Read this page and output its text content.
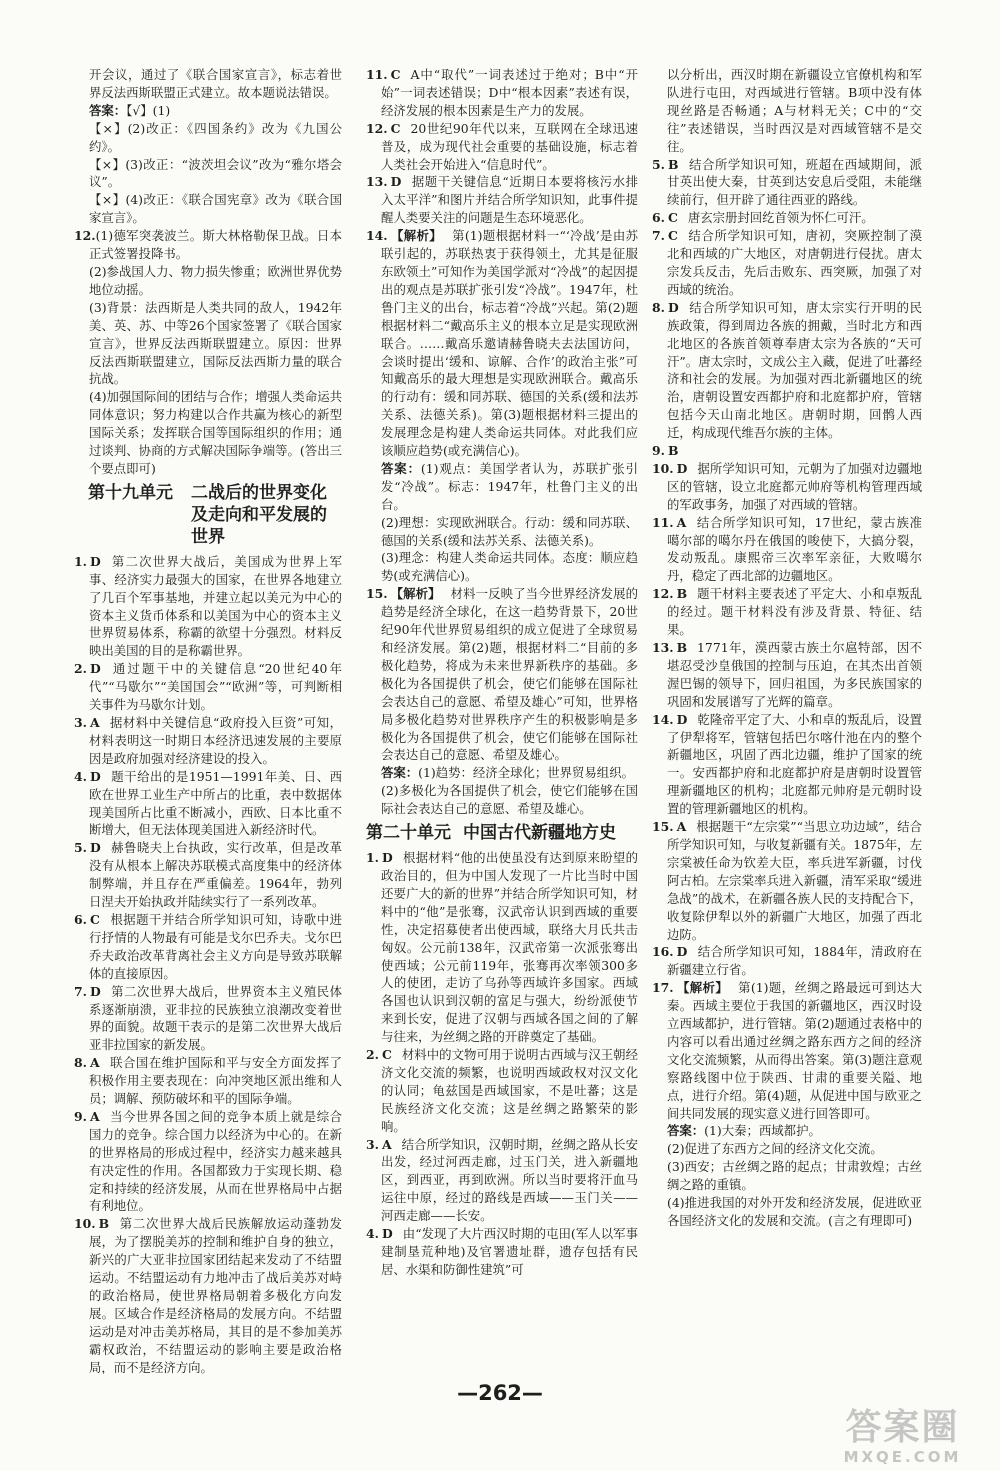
开会议，通过了《联合国家宣言》，标志着世界反法西斯联盟正式建立。故本题说法错误。

答案：【√】(1)

【×】(2)改正：《四国条约》改为《九国公约》。

【×】(3)改正：“波茨坦会议”改为“雅尔塔会议”。

【×】(4)改正：《联合国宪章》改为《联合国家宣言》。

12.(1)德军突袭波兰。斯大林格勒保卫战。日本正式签署投降书。

(2)参战国人力、物力损失惨重；欧洲世界优势地位动摇。

(3)背景：法西斯是人类共同的敌人，1942年美、英、苏、中等26个国家签署了《联合国家宣言》，世界反法西斯联盟建立。原因：世界反法西斯联盟建立，国际反法西斯力量的联合抗战。

(4)加强国际间的团结与合作；增强人类命运共同体意识；努力构建以合作共赢为核心的新型国际关系；发挥联合国等国际组织的作用；通过谈判、协商的方式解决国际争端等。(答出三个要点即可)

第十九单元 二战后的世界变化及走向和平发展的世界

1. D 第二次世界大战后，美国成为世界上军事、经济实力最强大的国家，在世界各地建立了几百个军事基地，并建立起以美元为中心的资本主义货币体系和以美国为中心的资本主义世界贸易体系，称霸的欲望十分强烈。材料反映出美国的目的是称霸世界。

2. D 通过题干中的关键信息“20世纪40年代”“马歇尔”“美国国会”“欧洲”等，可判断相关事件为马歇尔计划。

3. A 据材料中关键信息“政府投入巨资”可知，材料表明这一时期日本经济迅速发展的主要原因是政府加强对经济建设的投入。

4. D 题干给出的是1951—1991年美、日、西欧在世界工业生产中所占的比重，表中数据体现美国所占比重不断减小，西欧、日本比重不断增大，但无法体现美国进入新经济时代。

5. D 赫鲁晓夫上台执政，实行改革，但是改革没有从根本上解决苏联模式高度集中的经济体制弊端，并且存在严重偏差。1964年，勃列日涅夫开始执政并陆续实行了一系列改革。

6. C 根据题干并结合所学知识可知，诗歌中进行抒情的人物最有可能是戈尔巴乔夫。戈尔巴乔夫政治改革背离社会主义方向是导致苏联解体的直接原因。

7. D 第二次世界大战后，世界资本主义殖民体系逐渐崩溃，亚非拉的民族独立浪潮改变着世界的面貌。故题干表示的是第二次世界大战后亚非拉国家的新发展。

8. A 联合国在维护国际和平与安全方面发挥了积极作用主要表现在：向冲突地区派出维和人员；调解、预防破坏和平的国际争端。

9. A 当今世界各国之间的竞争本质上就是综合国力的竞争。综合国力以经济为中心的。在新的世界格局的形成过程中，经济实力越来越具有决定性的作用。各国都致力于实现长期、稳定和持续的经济发展，从而在世界格局中占据有利地位。

10. B 第二次世界大战后民族解放运动蓬勃发展，为了摆脱美苏的控制和维护自身的独立，新兴的广大亚非拉国家团结起来发动了不结盟运动。不结盟运动有力地冲击了战后美苏对峙的政治格局，使世界格局朝着多极化方向发展。区域合作是经济格局的发展方向。不结盟运动是对冲击美苏格局，其目的是不参加美苏霸权政治，不结盟运动的影响主要是政治格局，而不是经济方向。

11. C A中“取代”一词表述过于绝对；B中“开始”一词表述错误；D中“根本因素”表述有误，经济发展的根本因素是生产力的发展。

12. C 20世纪90年代以来，互联网在全球迅速普及，成为现代社会重要的基础设施，标志着人类社会开始进入“信息时代”。

13. D 据题干关键信息“近期日本要将核污水排入太平洋”和图片并结合所学知识知，此事件提醒人类要关注的问题是生态环境恶化。

14. 【解析】 第(1)题根据材料一“‘冷战’是由苏联引起的，苏联热衷于获得领土，尤其是征服东欧领土”可知作为美国学派对“冷战”的起因提出的观点是苏联扩张引发“冷战”。1947年，杜鲁门主义的出台，标志着“冷战”兴起。第(2)题根据材料二“戴高乐主义的根本立足是实现欧洲联合。……戴高乐邀请赫鲁晓夫去法国访问，会谈时提出‘缓和、谅解、合作’的政治主张”可知戴高乐的最大理想是实现欧洲联合。戴高乐的行动有：缓和同苏联、德国的关系(缓和法苏关系、法德关系)。第(3)题根据材料三提出的发展理念是构建人类命运共同体。对此我们应该顺应趋势(或充满信心)。

答案：(1)观点：美国学者认为，苏联扩张引发“冷战”。标志：1947年，杜鲁门主义的出台。

(2)理想：实现欧洲联合。行动：缓和同苏联、德国的关系(缓和法苏关系、法德关系)。

(3)理念：构建人类命运共同体。态度：顺应趋势(或充满信心)。

15. 【解析】 材料一反映了当今世界经济发展的趋势是经济全球化，在这一趋势背景下，20世纪90年代世界贸易组织的成立促进了全球贸易和经济发展。第(2)题，根据材料二“目前的多极化趋势，将成为未来世界新秩序的基础。多极化为各国提供了机会，使它们能够在国际社会表达自己的意愿、希望及雄心”可知，世界格局多极化趋势对世界秩序产生的积极影响是多极化为各国提供了机会，使它们能够在国际社会表达自己的意愿、希望及雄心。

答案：(1)趋势：经济全球化；世界贸易组织。

(2)多极化为各国提供了机会，使它们能够在国际社会表达自己的意愿、希望及雄心。

第二十单元 中国古代新疆地方史

1. D 根据材料“他的出使虽没有达到原来盼望的政治目的，但为中国人发现了一片比当时中国还要广大的新的世界”并结合所学知识可知，材料中的“他”是张骞，汉武帝认识到西域的重要性，决定招募使者出使西域，联络大月氏共击匈奴。公元前138年，汉武帝第一次派张骞出使西域；公元前119年，张骞再次率领300多人的使团，走访了乌孙等西域许多国家。西域各国也认识到汉朝的富足与强大，纷纷派使节来到长安，促进了汉朝与西域各国之间的了解与往来，为丝绸之路的开辟奠定了基础。

2. C 材料中的文物可用于说明古西域与汉王朝经济文化交流的频繁，也说明西域政权对汉文化的认同；龟兹国是西域国家，不是吐蕃；这是民族经济文化交流；这是丝绸之路繁荣的影响。

3. A 结合所学知识，汉朝时期，丝绸之路从长安出发，经过河西走廊，过玉门关，进入新疆地区，到西亚，再到欧洲。所以当时要将汗血马运往中原，经过的路线是西域——玉门关——河西走廊——长安。

4. D 由“发现了大片西汉时期的屯田(军人以军事建制垦荒种地)及官署遗址群，遗存包括有民居、水渠和防御性建筑”可

以分析出，西汉时期在新疆设立官僚机构和军队进行屯田，对西域进行管辖。B项中没有体现丝路是否畅通；A与材料无关；C中的“交往”表述错误，当时西汉是对西域管辖不是交往。

5. B 结合所学知识可知，班超在西域期间，派甘英出使大秦，甘英到达安息后受阻，未能继续前行，但开辟了通往西亚的路线。

6. C 唐玄宗册封回纥首领为怀仁可汗。

7. C 结合所学知识可知，唐初，突厥控制了漠北和西域的广大地区，对唐朝进行侵扰。唐太宗发兵反击，先后击败东、西突厥，加强了对西域的统治。

8. D 结合所学知识可知，唐太宗实行开明的民族政策，得到周边各族的拥戴，当时北方和西北地区的各族首领尊奉唐太宗为各族的“天可汗”。唐太宗时，文成公主入藏，促进了吐蕃经济和社会的发展。为加强对西北新疆地区的统治，唐朝设置安西都护府和北庭都护府，管辖包括今天山南北地区。唐朝时期，回鹘人西迁，构成现代维吾尔族的主体。

9. B

10. D 据所学知识可知，元朝为了加强对边疆地区的管辖，设立北庭都元帅府等机构管理西域的军政事务，加强了对西域的管辖。

11. A 结合所学知识可知，17世纪，蒙古族准噶尔部的噶尔丹在俄国的唆使下，大搞分裂，发动叛乱。康熙帝三次率军亲征，大败噶尔丹，稳定了西北部的边疆地区。

12. B 题干材料主要表述了平定大、小和卓叛乱的经过。题干材料没有涉及背景、特征、结果。

13. B 1771年，漠西蒙古族土尔扈特部，因不堪忍受沙皇俄国的控制与压迫，在其杰出首领渥巴锡的领导下，回归祖国，为多民族国家的巩固和发展谱写了光辉的篇章。

14. D 乾隆帝平定了大、小和卓的叛乱后，设置了伊犁将军，管辖包括巴尔喀什池在内的整个新疆地区，巩固了西北边疆，维护了国家的统一。安西都护府和北庭都护府是唐朝时设置管理新疆地区的机构；北庭都元帅府是元朝时设置的管理新疆地区的机构。

15. A 根据题干“左宗棠”“当思立功边域”，结合所学知识可知，与收复新疆有关。1875年，左宗棠被任命为钦差大臣，率兵进军新疆，讨伐阿古柏。左宗棠率兵进入新疆，清军采取“缓进急战”的战术，在新疆各族人民的支持配合下，收复除伊犁以外的新疆广大地区，加强了西北边防。

16. D 结合所学知识可知，1884年，清政府在新疆建立行省。

17. 【解析】 第(1)题，丝绸之路最远可到达大秦。西域主要位于我国的新疆地区，西汉时设立西域都护，进行管辖。第(2)题通过表格中的内容可以看出通过丝绸之路东西方之间的经济文化交流频繁，从而得出答案。第(3)题注意观察路线图中位于陕西、甘肃的重要关隘、地点，进行介绍。第(4)题，从促进中国与欧亚之间共同发展的现实意义进行回答即可。

答案：(1)大秦；西域都护。

(2)促进了东西方之间的经济文化交流。

(3)西安；古丝绸之路的起点；甘肃敦煌；古丝绸之路的重镇。

(4)推进我国的对外开发和经济发展，促进欧亚各国经济文化的发展和交流。(言之有理即可)

—262—
答案圈
MXQE.COM
